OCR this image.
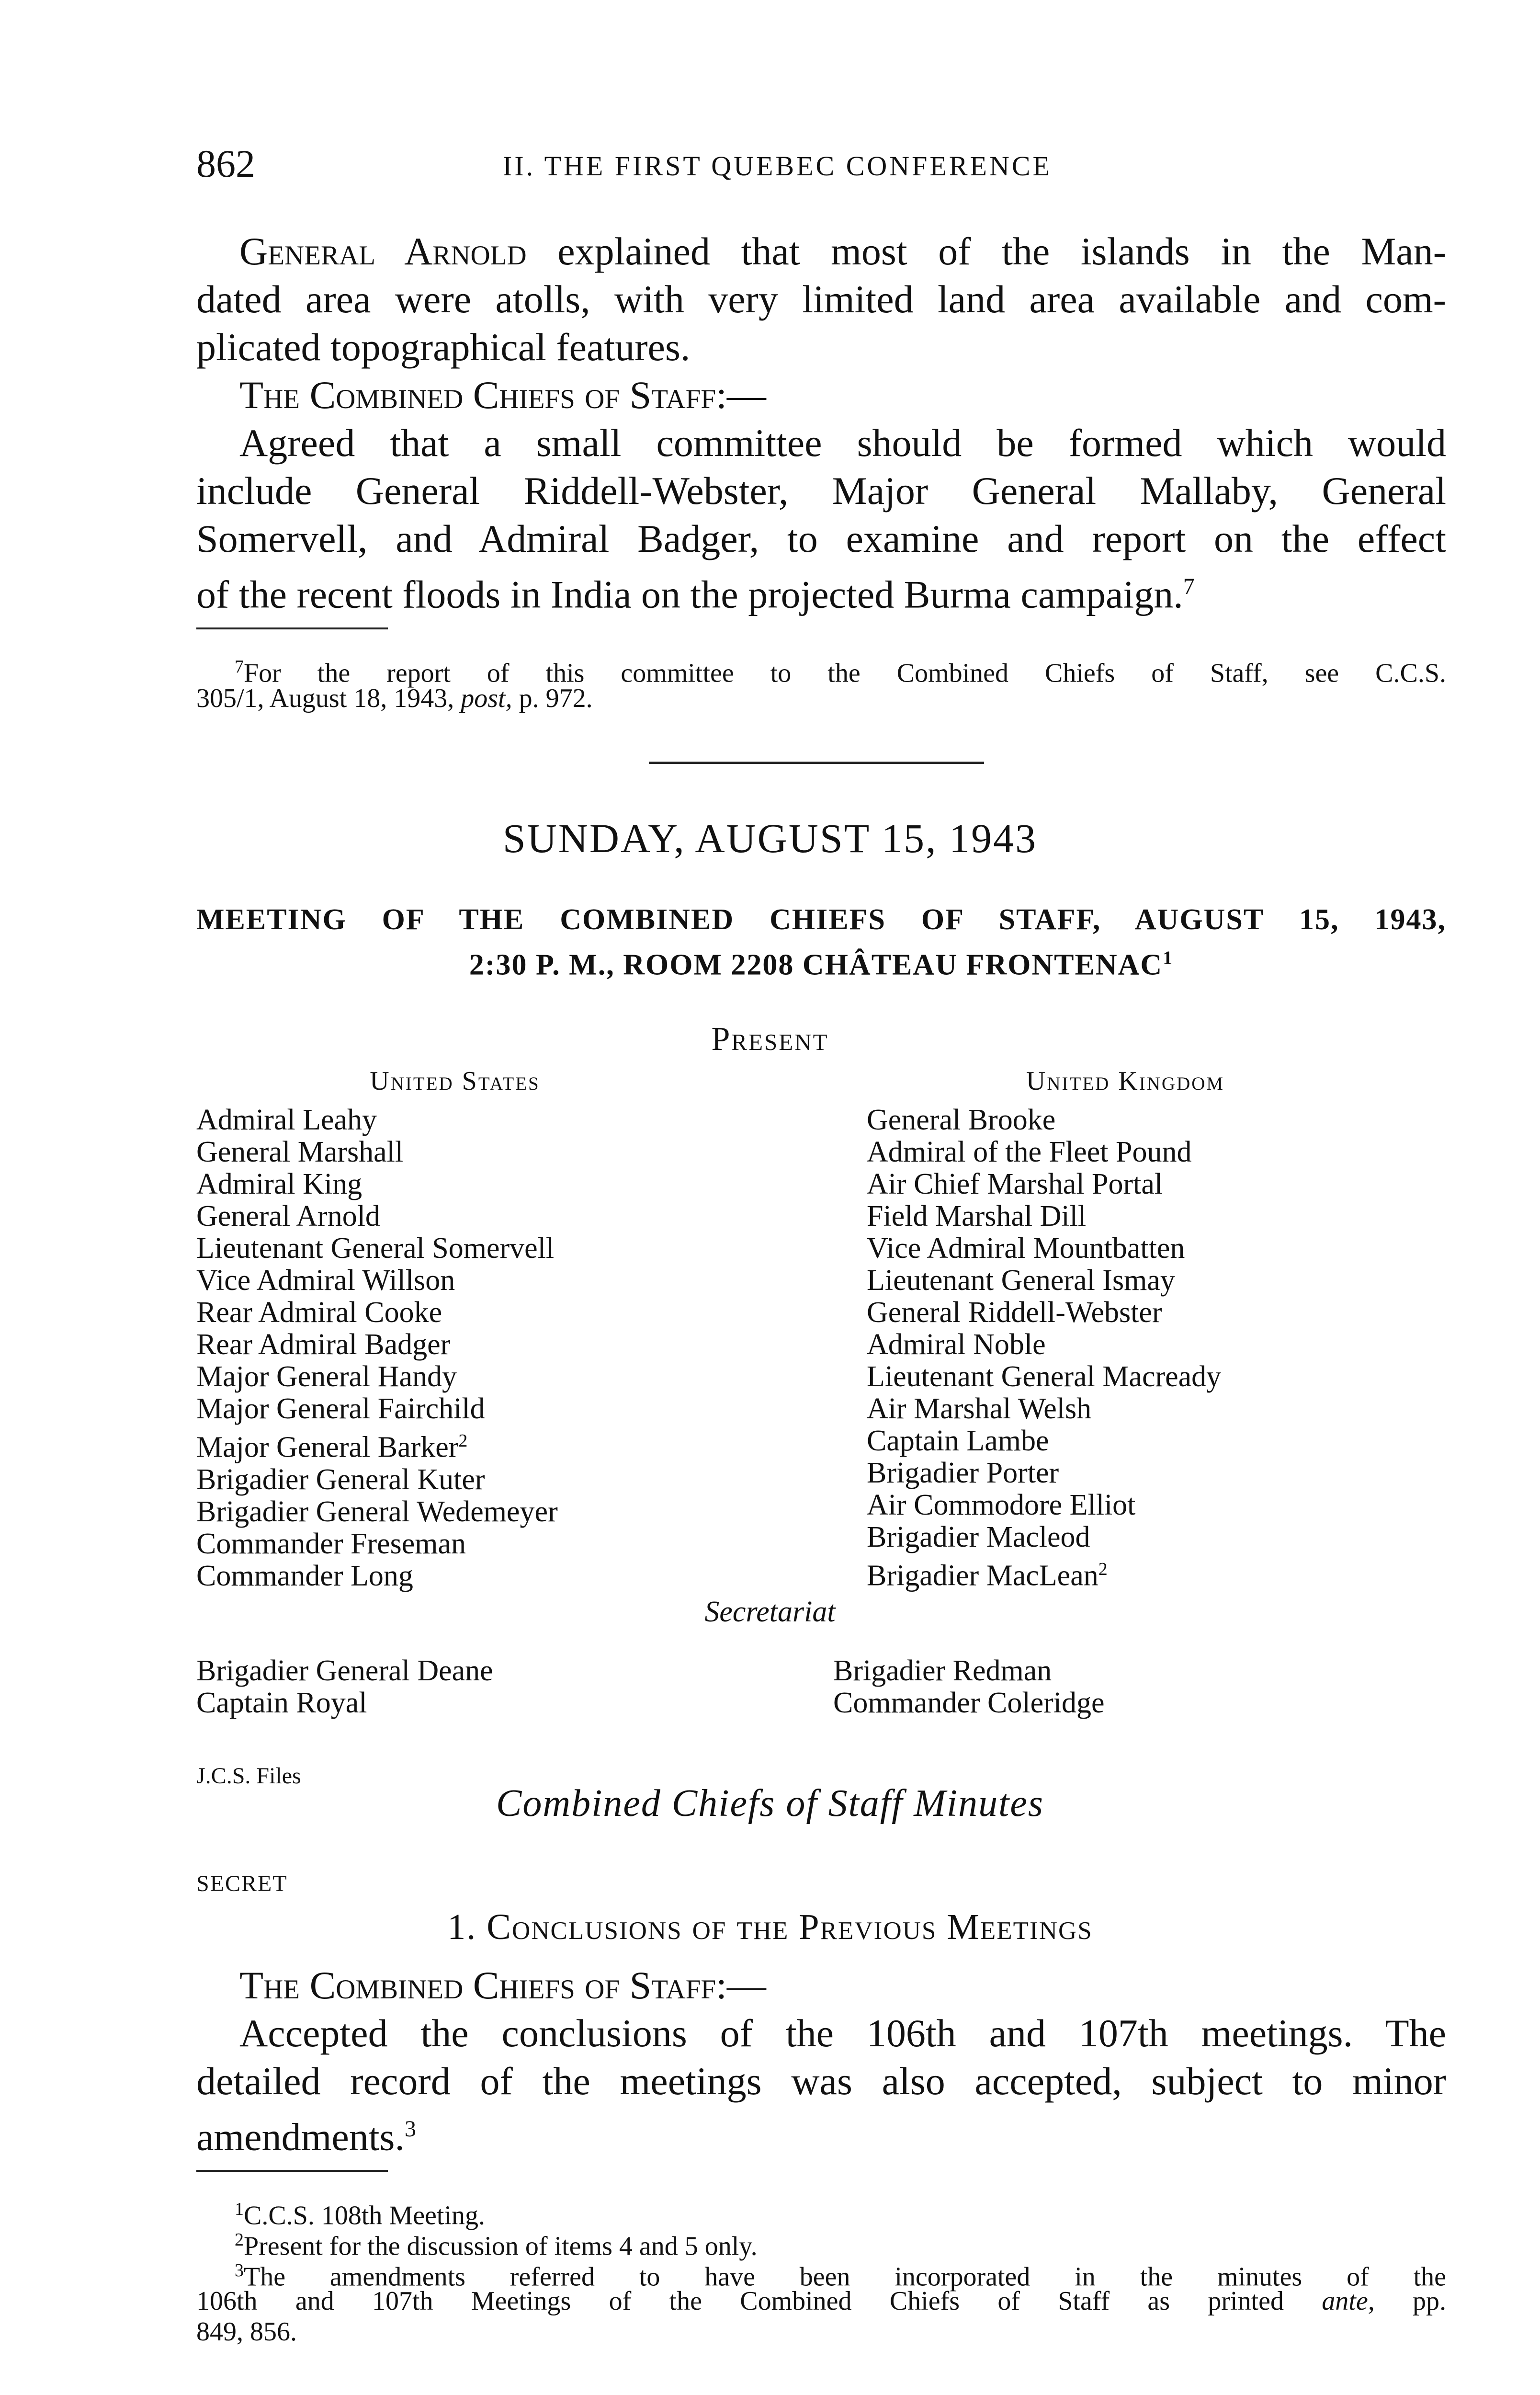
862	II. THE FIRST QUEBEC CONFERENCE
General Arnold explained that most of the islands in the Man-
dated area were atolls, with very limited land area available and com-
plicated topographical features.
The Combined Chiefs of Staff:—
Agreed that a small committee should be formed which would
include General Riddell-Webster, Major General Mallaby, General
Somervell, and Admiral Badger, to examine and report on the effect
of the recent floods in India on the projected Burma campaign.$^7$
$^7$For the report of this committee to the Combined Chiefs of Staff, see C.C.S.
305/1, August 18, 1943, post, p. 972.
SUNDAY, AUGUST 15, 1943
MEETING OF THE COMBINED CHIEFS OF STAFF, AUGUST 15, 1943,
2:30 P. M., ROOM 2208 CHÂTEAU FRONTENAC$^1$
Present
United States	United Kingdom
Admiral Leahy
General Marshall
Admiral King
General Arnold
Lieutenant General Somervell
Vice Admiral Willson
Rear Admiral Cooke
Rear Admiral Badger
Major General Handy
Major General Fairchild
Major General Barker$^2$
Brigadier General Kuter
Brigadier General Wedemeyer
Commander Freseman
Commander Long
General Brooke
Admiral of the Fleet Pound
Air Chief Marshal Portal
Field Marshal Dill
Vice Admiral Mountbatten
Lieutenant General Ismay
General Riddell-Webster
Admiral Noble
Lieutenant General Macready
Air Marshal Welsh
Captain Lambe
Brigadier Porter
Air Commodore Elliot
Brigadier Macleod
Brigadier MacLean$^2$
Secretariat
Brigadier General Deane
Captain Royal
Brigadier Redman
Commander Coleridge
J.C.S. Files
Combined Chiefs of Staff Minutes
SECRET
1. Conclusions of the Previous Meetings
The Combined Chiefs of Staff:—
Accepted the conclusions of the 106th and 107th meetings. The
detailed record of the meetings was also accepted, subject to minor
amendments.$^3$
$^1$C.C.S. 108th Meeting.
$^2$Present for the discussion of items 4 and 5 only.
$^3$The amendments referred to have been incorporated in the minutes of the
106th and 107th Meetings of the Combined Chiefs of Staff as printed ante, pp.
849, 856.
